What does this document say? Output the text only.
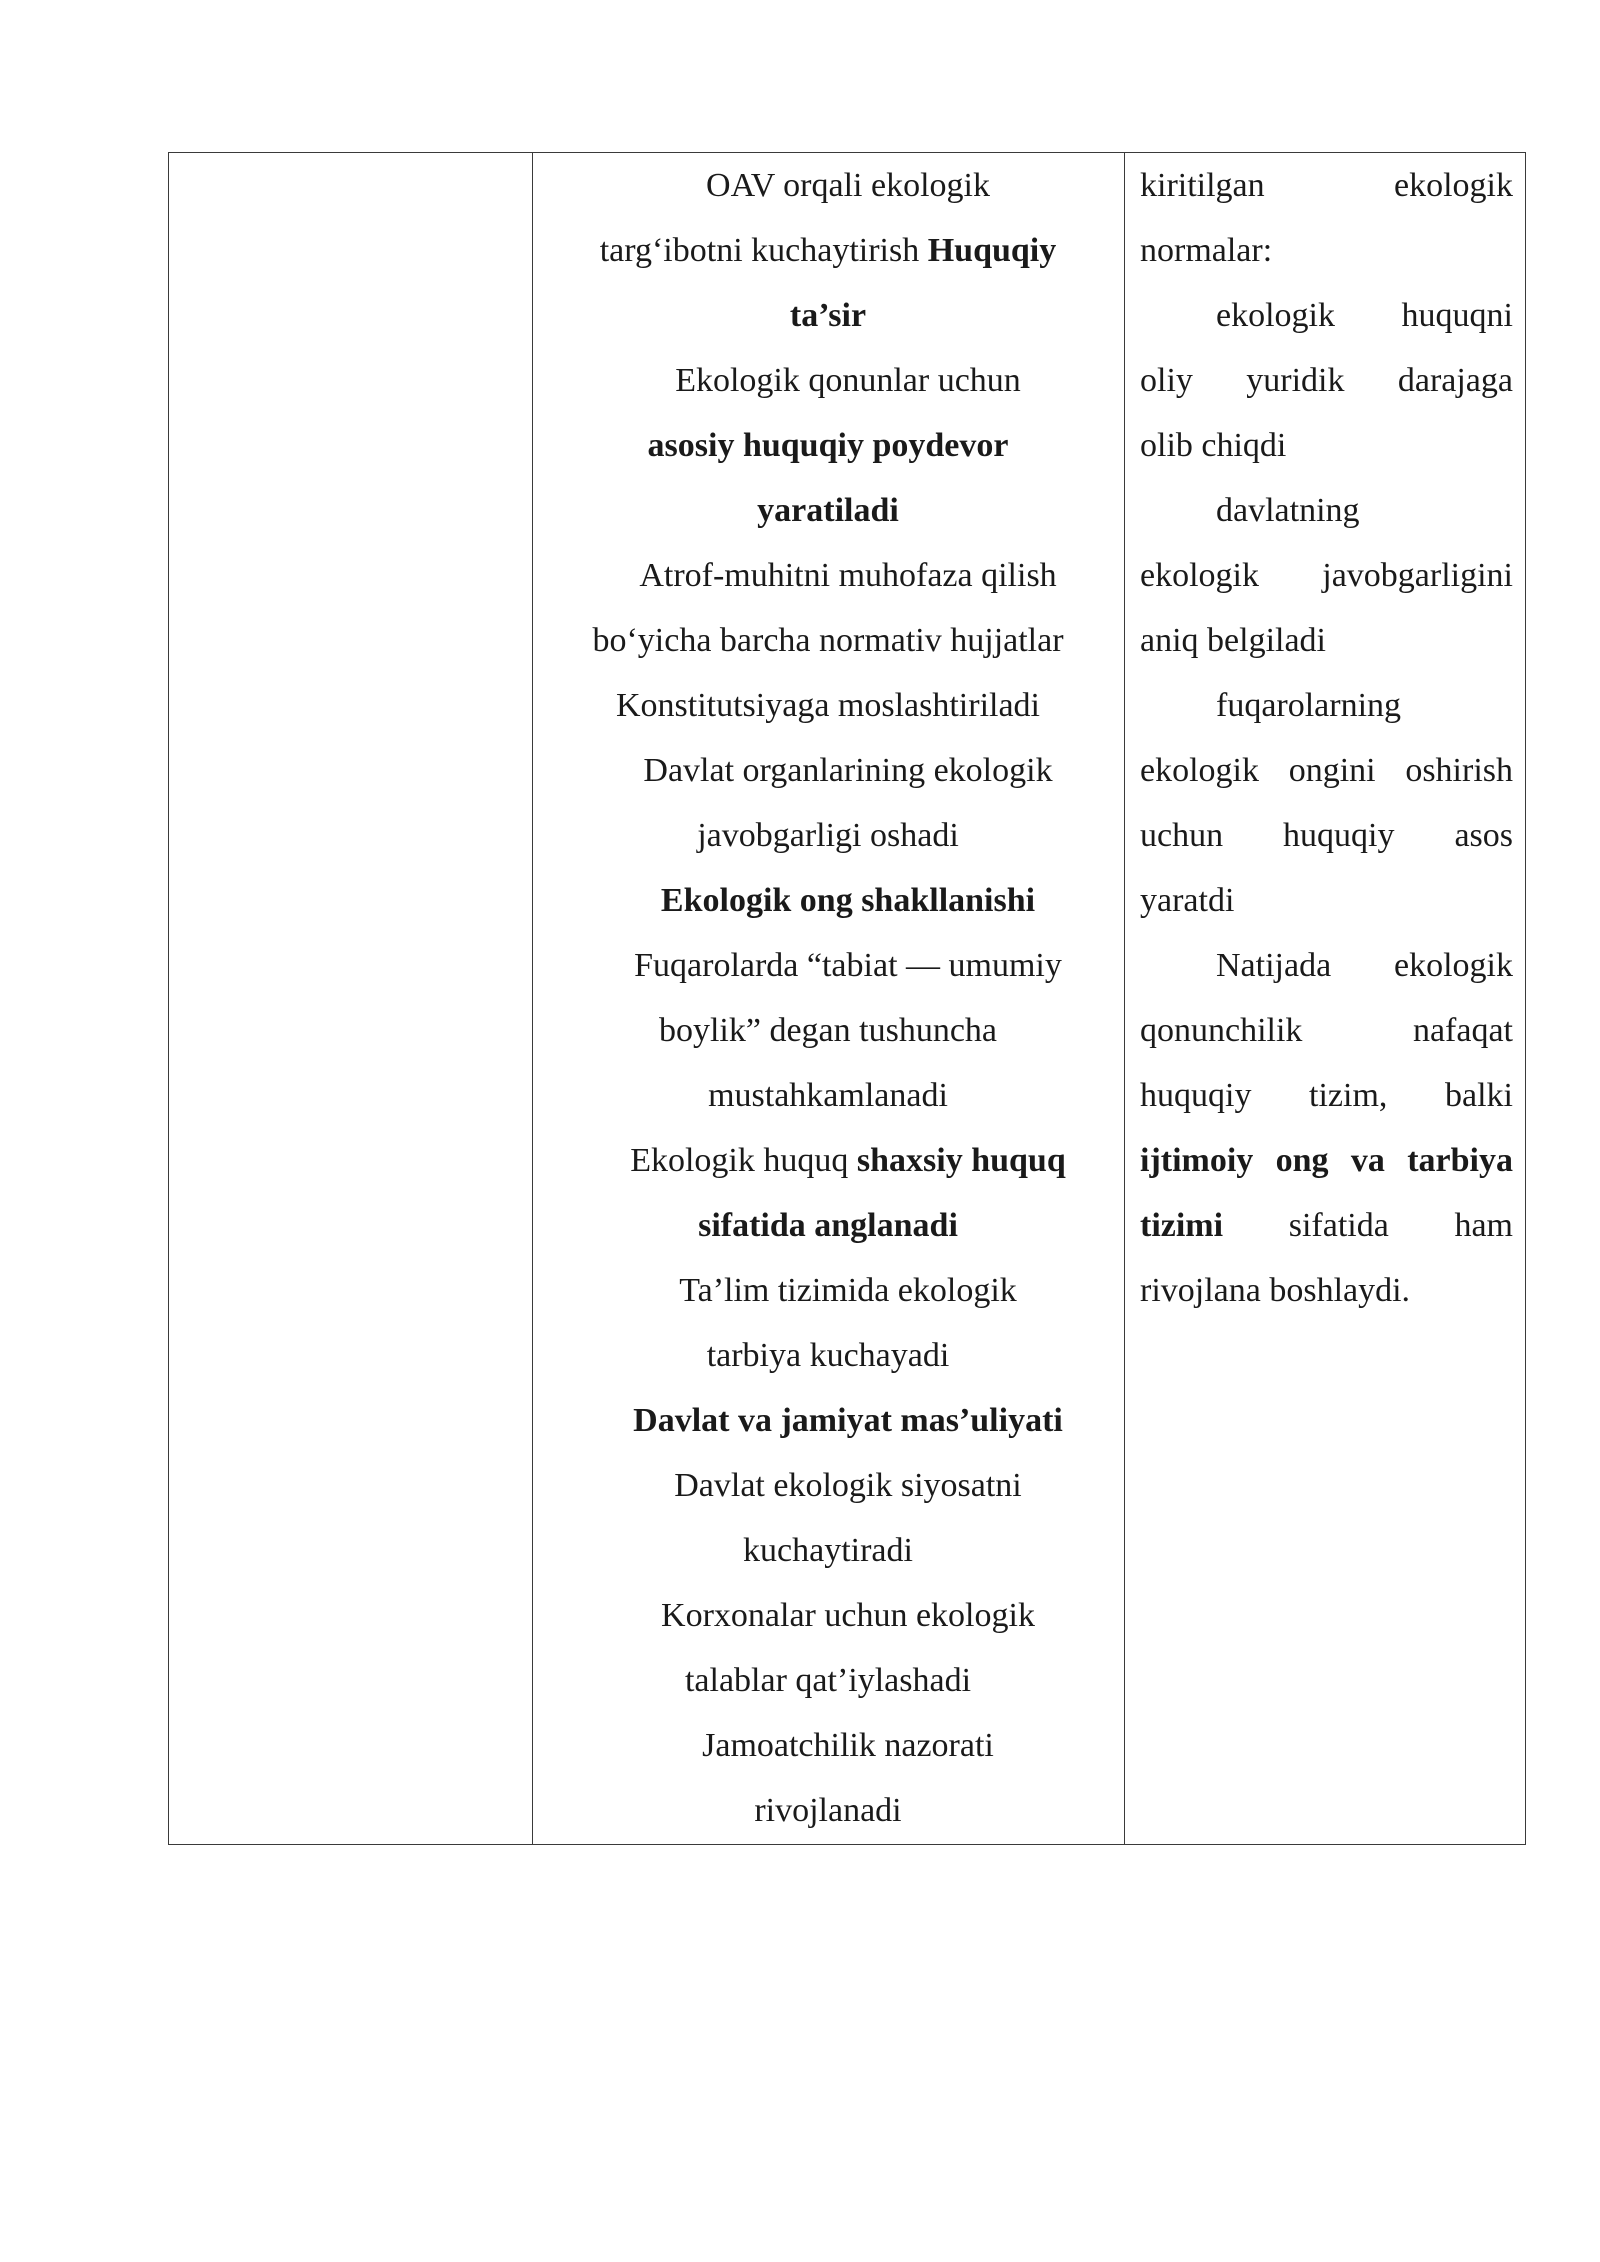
OAV orqali ekologik
targ‘ibotni kuchaytirish Huquqiy
ta’sir
Ekologik qonunlar uchun
asosiy huquqiy poydevor
yaratiladi
Atrof-muhitni muhofaza qilish
bo‘yicha barcha normativ hujjatlar
Konstitutsiyaga moslashtiriladi
Davlat organlarining ekologik
javobgarligi oshadi
Ekologik ong shakllanishi
Fuqarolarda “tabiat — umumiy
boylik” degan tushuncha
mustahkamlanadi
Ekologik huquq shaxsiy huquq
sifatida anglanadi
Ta’lim tizimida ekologik
tarbiya kuchayadi
Davlat va jamiyat mas’uliyati
Davlat ekologik siyosatni
kuchaytiradi
Korxonalar uchun ekologik
talablar qat’iylashadi
Jamoatchilik nazorati
rivojlanadi
kiritilgan ekologik
normalar:
ekologik huquqni
oliy yuridik darajaga
olib chiqdi
davlatning
ekologik javobgarligini
aniq belgiladi
fuqarolarning
ekologik ongini oshirish
uchun huquqiy asos
yaratdi
Natijada ekologik
qonunchilik nafaqat
huquqiy tizim, balki
ijtimoiy ong va tarbiya
tizimi sifatida ham
rivojlana boshlaydi.
